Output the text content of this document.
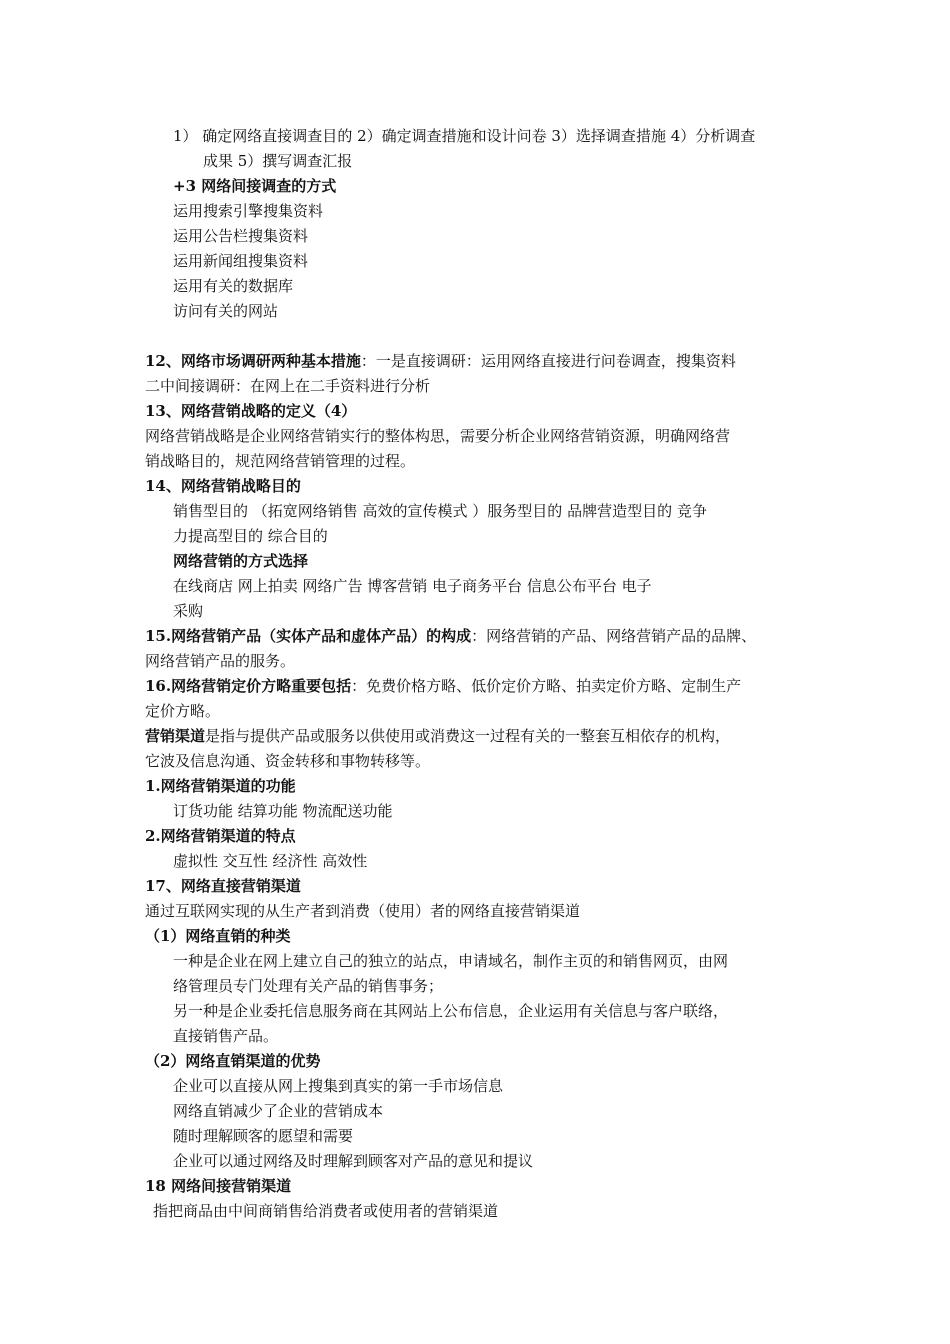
1） 确定网络直接调查目的 2）确定调查措施和设计问卷 3）选择调查措施 4）分析调查
成果 5）撰写调查汇报
+3 网络间接调查的方式
运用搜索引擎搜集资料
运用公告栏搜集资料
运用新闻组搜集资料
运用有关的数据库
访问有关的网站
12、网络市场调研两种基本措施：一是直接调研：运用网络直接进行问卷调查，搜集资料
二中间接调研：在网上在二手资料进行分析
13、网络营销战略的定义（4）
网络营销战略是企业网络营销实行的整体构思，需要分析企业网络营销资源，明确网络营
销战略目的，规范网络营销管理的过程。
14、网络营销战略目的
销售型目的 （拓宽网络销售 高效的宣传模式 ）服务型目的 品牌营造型目的 竞争
力提高型目的 综合目的
网络营销的方式选择
在线商店 网上拍卖 网络广告 博客营销 电子商务平台 信息公布平台 电子
采购
15.网络营销产品（实体产品和虚体产品）的构成：网络营销的产品、网络营销产品的品牌、
网络营销产品的服务。
16.网络营销定价方略重要包括：免费价格方略、低价定价方略、拍卖定价方略、定制生产
定价方略。
营销渠道是指与提供产品或服务以供使用或消费这一过程有关的一整套互相依存的机构，
它波及信息沟通、资金转移和事物转移等。
1.网络营销渠道的功能
订货功能 结算功能 物流配送功能
2.网络营销渠道的特点
虚拟性 交互性 经济性 高效性
17、网络直接营销渠道
通过互联网实现的从生产者到消费（使用）者的网络直接营销渠道
（1）网络直销的种类
一种是企业在网上建立自己的独立的站点，申请域名，制作主页的和销售网页，由网
络管理员专门处理有关产品的销售事务；
另一种是企业委托信息服务商在其网站上公布信息，企业运用有关信息与客户联络，
直接销售产品。
（2）网络直销渠道的优势
企业可以直接从网上搜集到真实的第一手市场信息
网络直销减少了企业的营销成本
随时理解顾客的愿望和需要
企业可以通过网络及时理解到顾客对产品的意见和提议
18 网络间接营销渠道
指把商品由中间商销售给消费者或使用者的营销渠道
